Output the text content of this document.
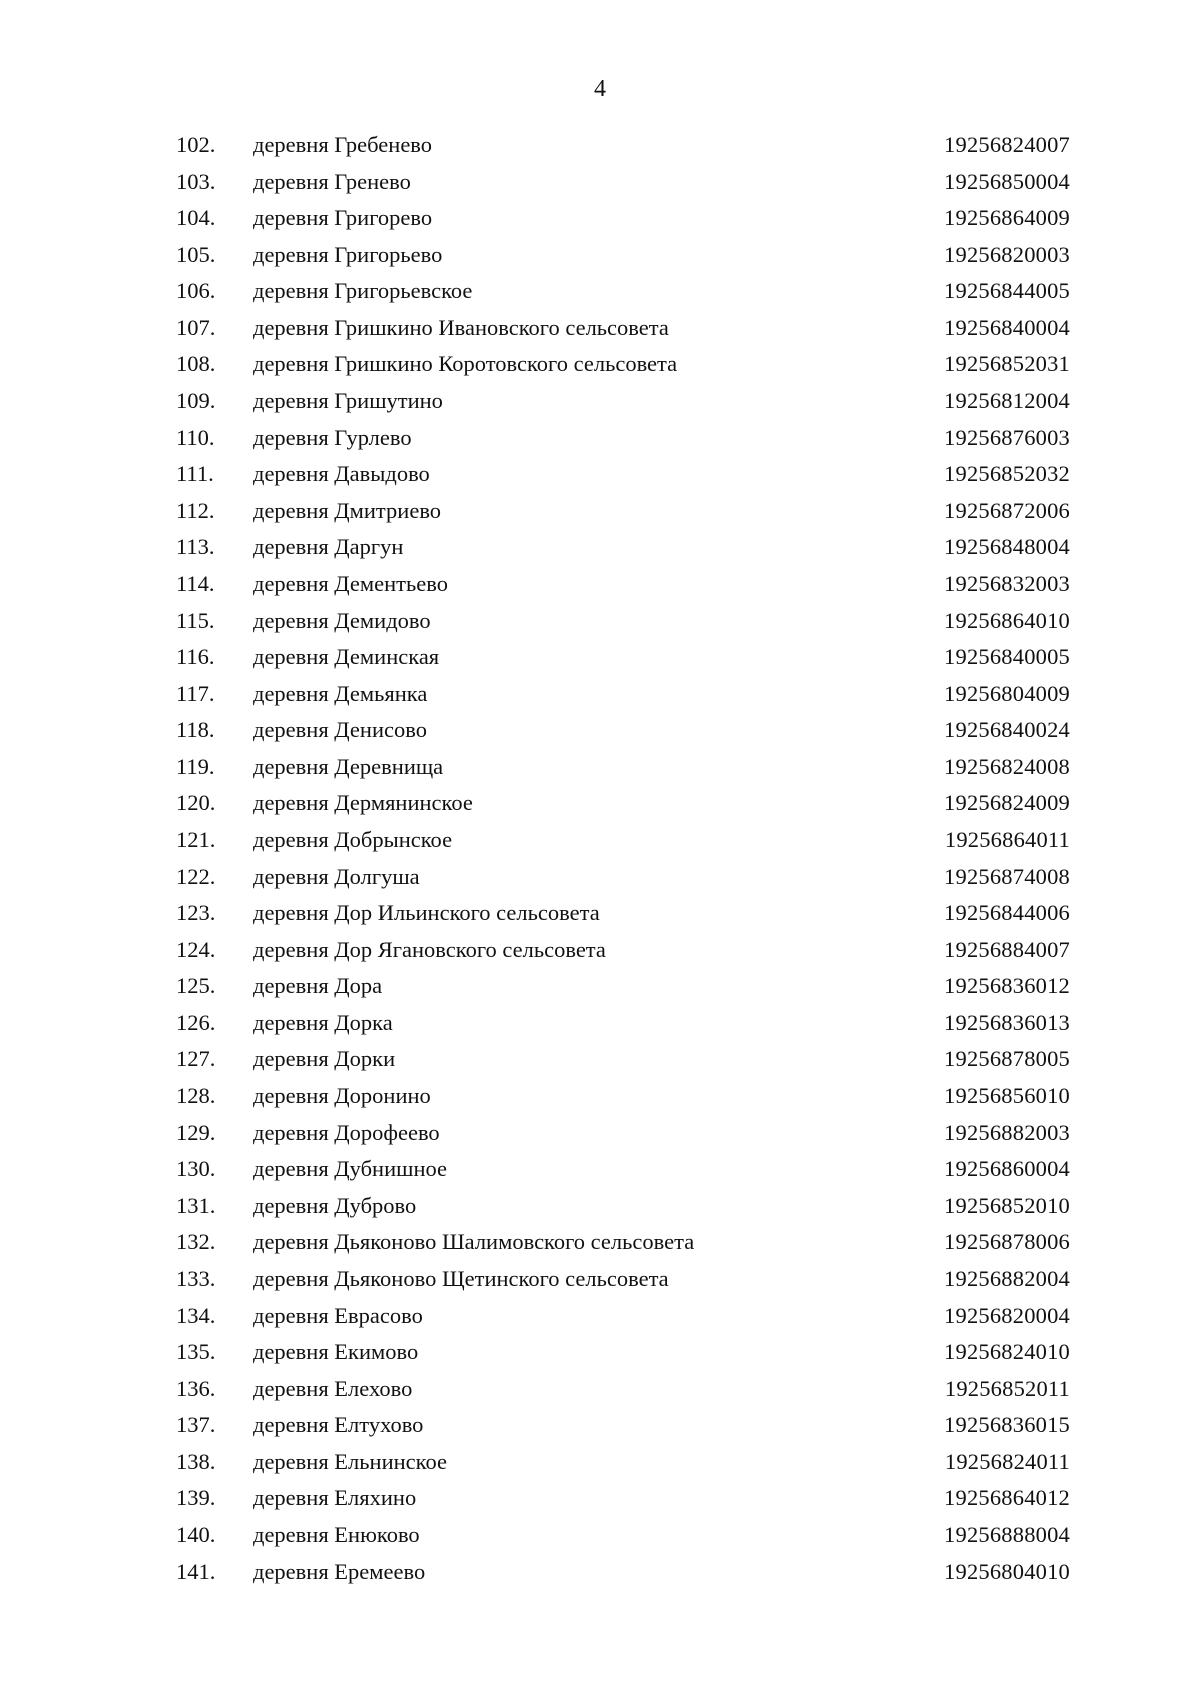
4
102. деревня Гребенево	19256824007
103. деревня Гренево	19256850004
104. деревня Григорево	19256864009
105. деревня Григорьево	19256820003
106. деревня Григорьевское	19256844005
107. деревня Гришкино Ивановского сельсовета	19256840004
108. деревня Гришкино Коротовского сельсовета	19256852031
109. деревня Гришутино	19256812004
110. деревня Гурлево	19256876003
111. деревня Давыдово	19256852032
112. деревня Дмитриево	19256872006
113. деревня Даргун	19256848004
114. деревня Дементьево	19256832003
115. деревня Демидово	19256864010
116. деревня Деминская	19256840005
117. деревня Демьянка	19256804009
118. деревня Денисово	19256840024
119. деревня Деревнища	19256824008
120. деревня Дермянинское	19256824009
121. деревня Добрынское	19256864011
122. деревня Долгуша	19256874008
123. деревня Дор Ильинского сельсовета	19256844006
124. деревня Дор Ягановского сельсовета	19256884007
125. деревня Дора	19256836012
126. деревня Дорка	19256836013
127. деревня Дорки	19256878005
128. деревня Доронино	19256856010
129. деревня Дорофеево	19256882003
130. деревня Дубнишное	19256860004
131. деревня Дуброво	19256852010
132. деревня Дьяконово Шалимовского сельсовета	19256878006
133. деревня Дьяконово Щетинского сельсовета	19256882004
134. деревня Еврасово	19256820004
135. деревня Екимово	19256824010
136. деревня Елехово	19256852011
137. деревня Елтухово	19256836015
138. деревня Ельнинское	19256824011
139. деревня Еляхино	19256864012
140. деревня Енюково	19256888004
141. деревня Еремеево	19256804010
